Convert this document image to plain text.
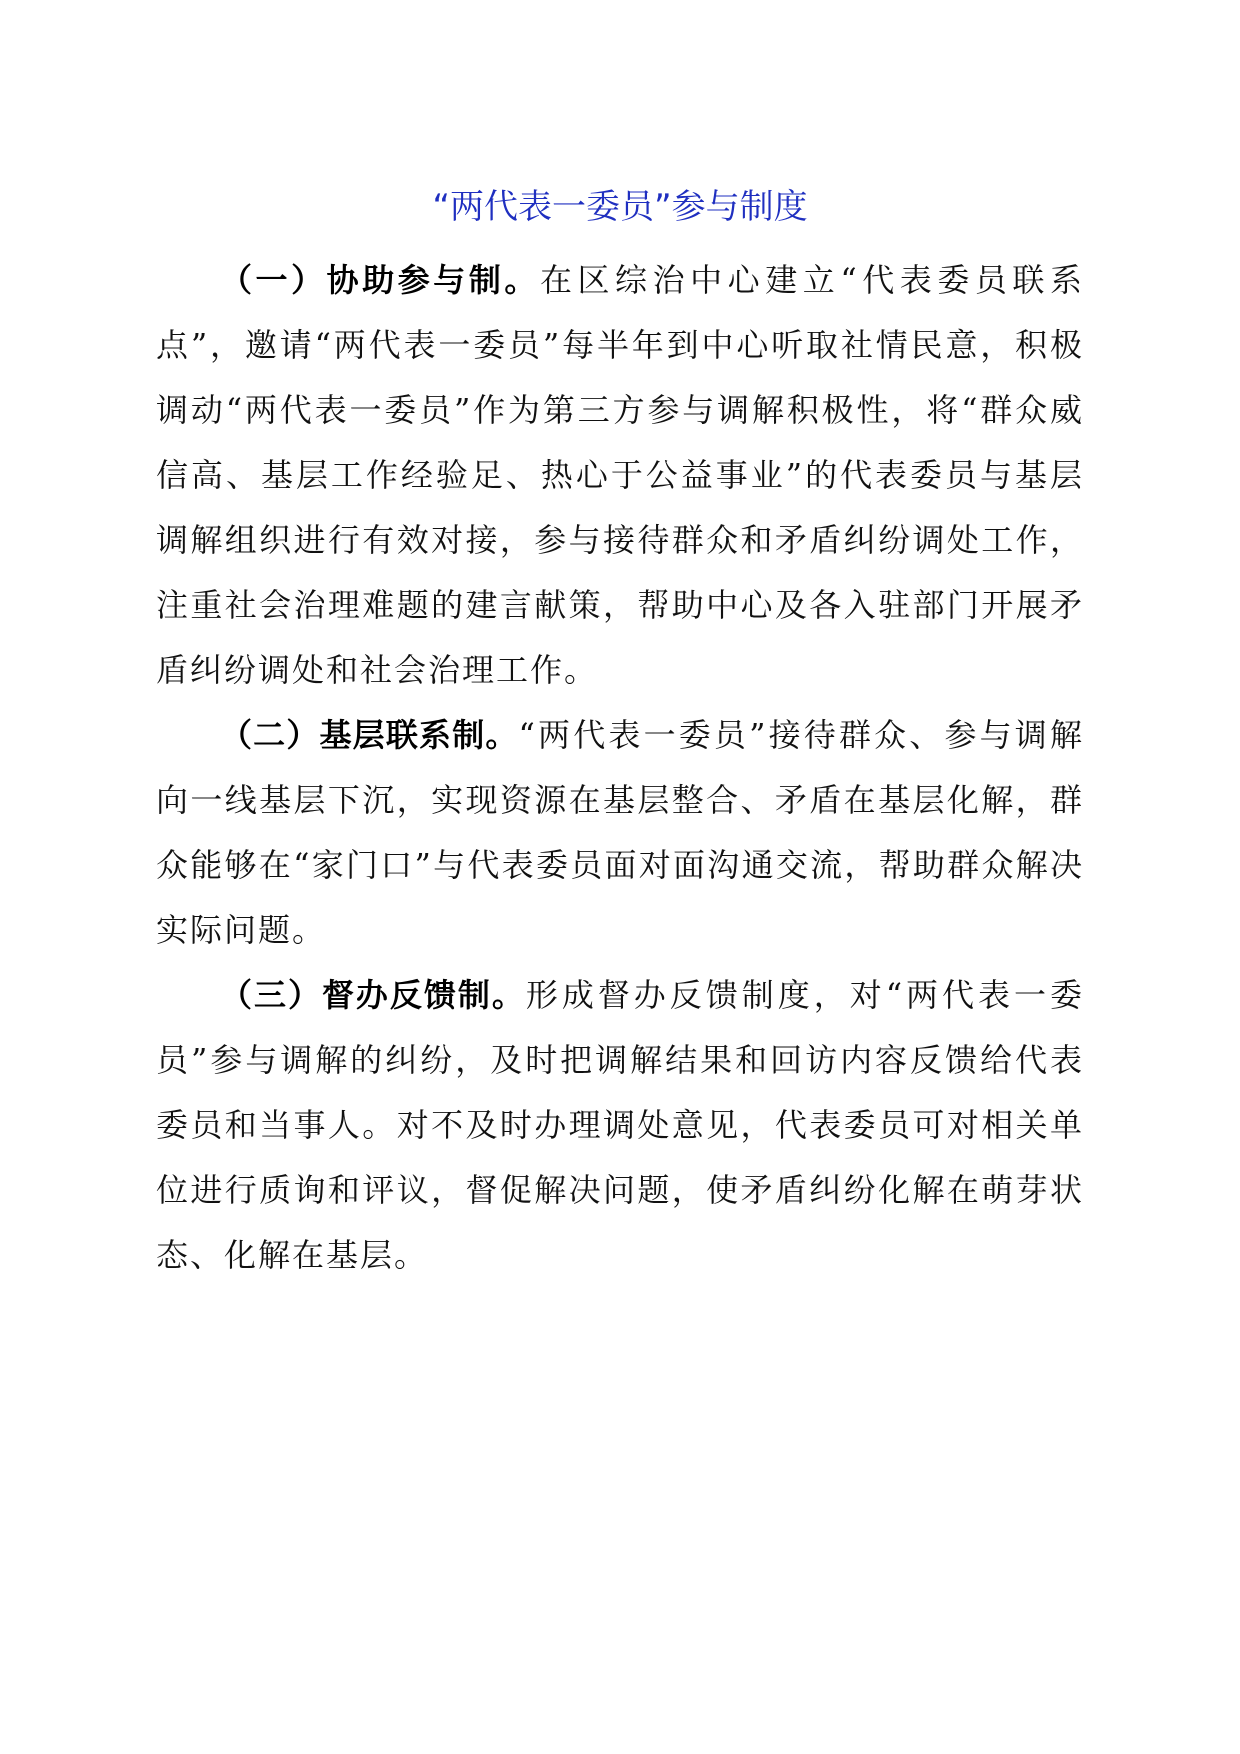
“两代表一委员”参与制度

（一）协助参与制。在区综治中心建立“代表委员联系点”，邀请“两代表一委员”每半年到中心听取社情民意，积极调动“两代表一委员”作为第三方参与调解积极性，将“群众威信高、基层工作经验足、热心于公益事业”的代表委员与基层调解组织进行有效对接，参与接待群众和矛盾纠纷调处工作，注重社会治理难题的建言献策，帮助中心及各入驻部门开展矛盾纠纷调处和社会治理工作。

（二）基层联系制。“两代表一委员”接待群众、参与调解向一线基层下沉，实现资源在基层整合、矛盾在基层化解，群众能够在“家门口”与代表委员面对面沟通交流，帮助群众解决实际问题。

（三）督办反馈制。形成督办反馈制度，对“两代表一委员”参与调解的纠纷，及时把调解结果和回访内容反馈给代表委员和当事人。对不及时办理调处意见，代表委员可对相关单位进行质询和评议，督促解决问题，使矛盾纠纷化解在萌芽状态、化解在基层。
